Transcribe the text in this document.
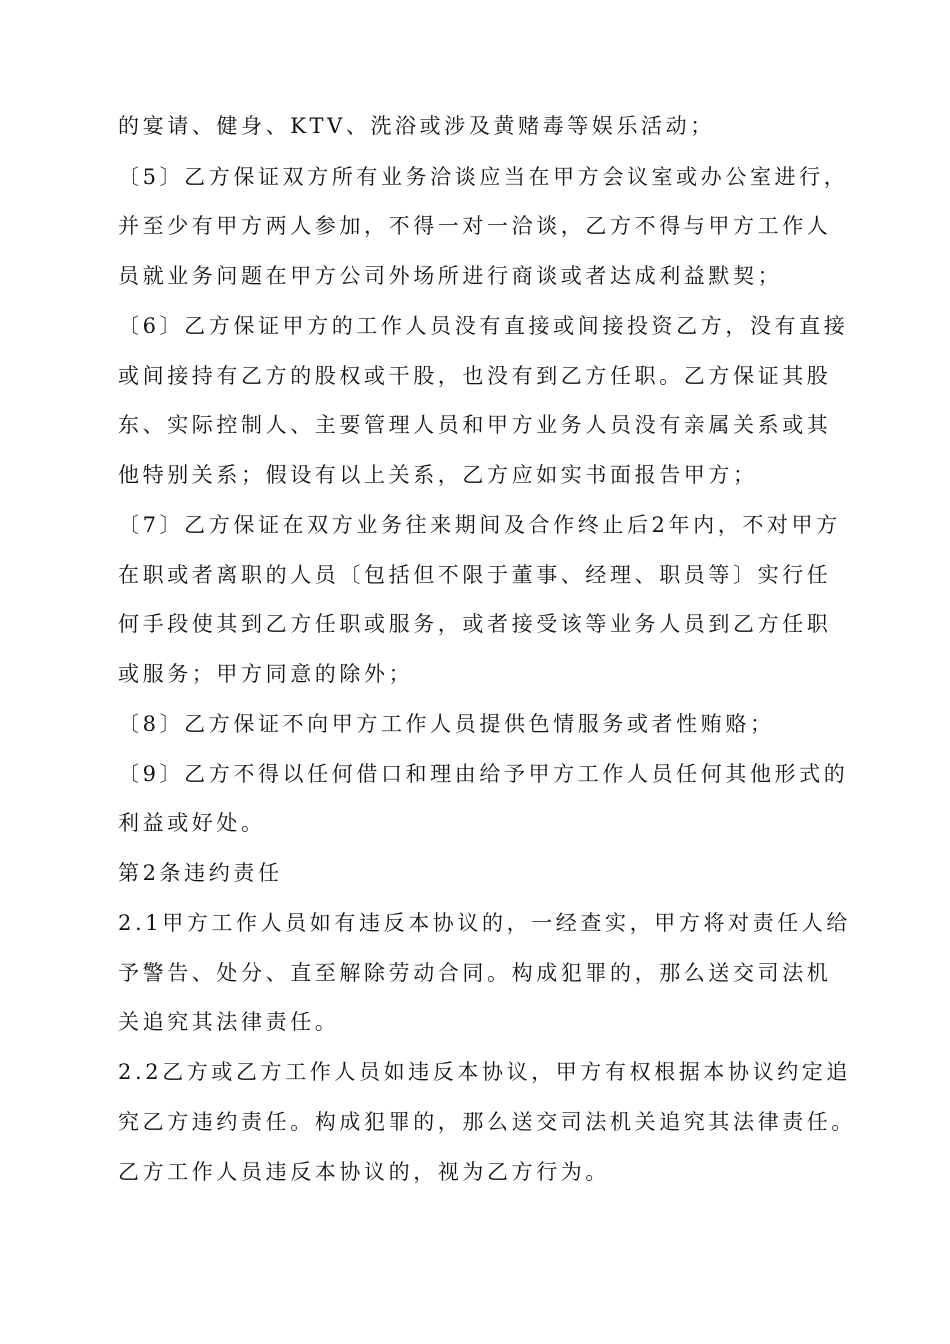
的宴请、健身、KTV、洗浴或涉及黄赌毒等娱乐活动；
〔5〕乙方保证双方所有业务洽谈应当在甲方会议室或办公室进行，
并至少有甲方两人参加，不得一对一洽谈，乙方不得与甲方工作人
员就业务问题在甲方公司外场所进行商谈或者达成利益默契；
〔6〕乙方保证甲方的工作人员没有直接或间接投资乙方，没有直接
或间接持有乙方的股权或干股，也没有到乙方任职。乙方保证其股
东、实际控制人、主要管理人员和甲方业务人员没有亲属关系或其
他特别关系；假设有以上关系，乙方应如实书面报告甲方；
〔7〕乙方保证在双方业务往来期间及合作终止后2年内，不对甲方
在职或者离职的人员〔包括但不限于董事、经理、职员等〕实行任
何手段使其到乙方任职或服务，或者接受该等业务人员到乙方任职
或服务；甲方同意的除外；
〔8〕乙方保证不向甲方工作人员提供色情服务或者性贿赂；
〔9〕乙方不得以任何借口和理由给予甲方工作人员任何其他形式的
利益或好处。
第2条违约责任
2.1甲方工作人员如有违反本协议的，一经查实，甲方将对责任人给
予警告、处分、直至解除劳动合同。构成犯罪的，那么送交司法机
关追究其法律责任。
2.2乙方或乙方工作人员如违反本协议，甲方有权根据本协议约定追
究乙方违约责任。构成犯罪的，那么送交司法机关追究其法律责任。
乙方工作人员违反本协议的，视为乙方行为。
